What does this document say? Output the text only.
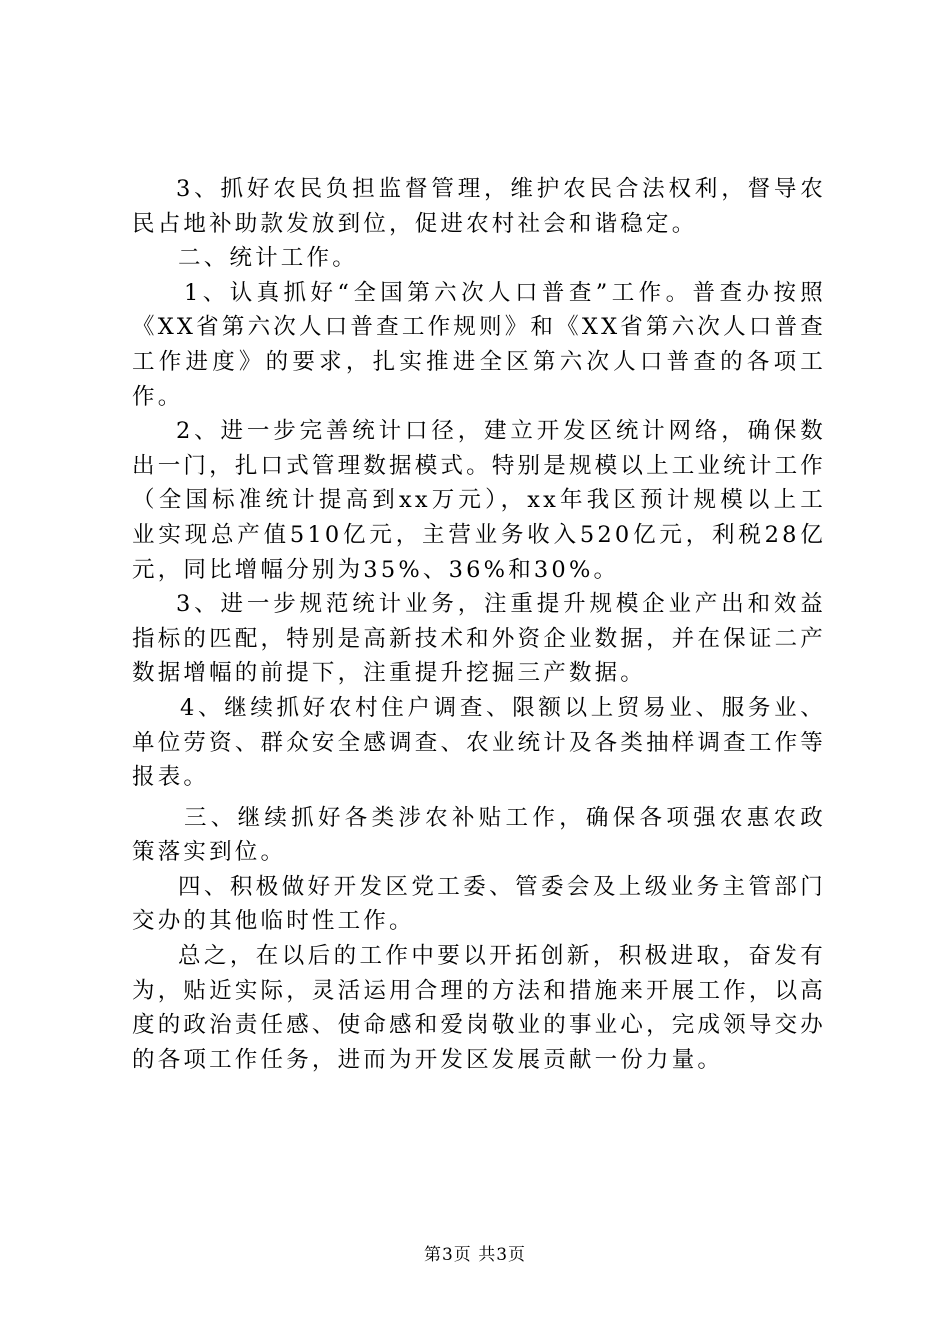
3、抓好农民负担监督管理，维护农民合法权利，督导农民占地补助款发放到位，促进农村社会和谐稳定。

二、统计工作。

1、认真抓好“全国第六次人口普查”工作。普查办按照《XX省第六次人口普查工作规则》和《XX省第六次人口普查工作进度》的要求，扎实推进全区第六次人口普查的各项工作。

2、进一步完善统计口径，建立开发区统计网络，确保数出一门，扎口式管理数据模式。特别是规模以上工业统计工作（全国标准统计提高到xx万元），xx年我区预计规模以上工业实现总产值510亿元，主营业务收入520亿元，利税28亿元，同比增幅分别为35%、36%和30%。

3、进一步规范统计业务，注重提升规模企业产出和效益指标的匹配，特别是高新技术和外资企业数据，并在保证二产数据增幅的前提下，注重提升挖掘三产数据。

4、继续抓好农村住户调查、限额以上贸易业、服务业、单位劳资、群众安全感调查、农业统计及各类抽样调查工作等报表。

三、继续抓好各类涉农补贴工作，确保各项强农惠农政策落实到位。

四、积极做好开发区党工委、管委会及上级业务主管部门交办的其他临时性工作。

总之，在以后的工作中要以开拓创新，积极进取，奋发有为，贴近实际，灵活运用合理的方法和措施来开展工作，以高度的政治责任感、使命感和爱岗敬业的事业心，完成领导交办的各项工作任务，进而为开发区发展贡献一份力量。

第3页 共3页
